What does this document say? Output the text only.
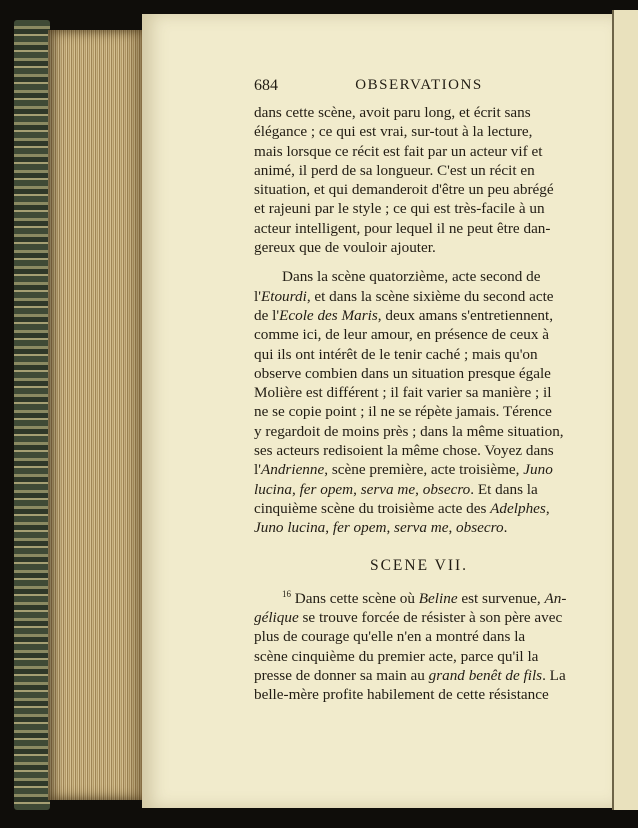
684	OBSERVATIONS

dans cette scène, avoit paru long, et écrit sans

élégance ; ce qui est vrai, sur-tout à la lecture,

mais lorsque ce récit est fait par un acteur vif et

animé, il perd de sa longueur. C'est un récit en

situation, et qui demanderoit d'être un peu abrégé

et rajeuni par le style ; ce qui est très-facile à un

acteur intelligent, pour lequel il ne peut être dan-

gereux que de vouloir ajouter.

Dans la scène quatorzième, acte second de

l'Etourdi, et dans la scène sixième du second acte

de l'Ecole des Maris, deux amans s'entretiennent,

comme ici, de leur amour, en présence de ceux à

qui ils ont intérêt de le tenir caché ; mais qu'on

observe combien dans un situation presque égale

Molière est différent ; il fait varier sa manière ; il

ne se copie point ; il ne se répète jamais. Térence

y regardoit de moins près ; dans la même situation,

ses acteurs redisoient la même chose. Voyez dans

l'Andrienne, scène première, acte troisième, Juno

lucina, fer opem, serva me, obsecro. Et dans la

cinquième scène du troisième acte des Adelphes,

Juno lucina, fer opem, serva me, obsecro.

SCENE VII.

$^{16}$ Dans cette scène où Beline est survenue, An-

gélique se trouve forcée de résister à son père avec

plus de courage qu'elle n'en a montré dans la

scène cinquième du premier acte, parce qu'il la

presse de donner sa main au grand benêt de fils. La

belle-mère profite habilement de cette résistance
